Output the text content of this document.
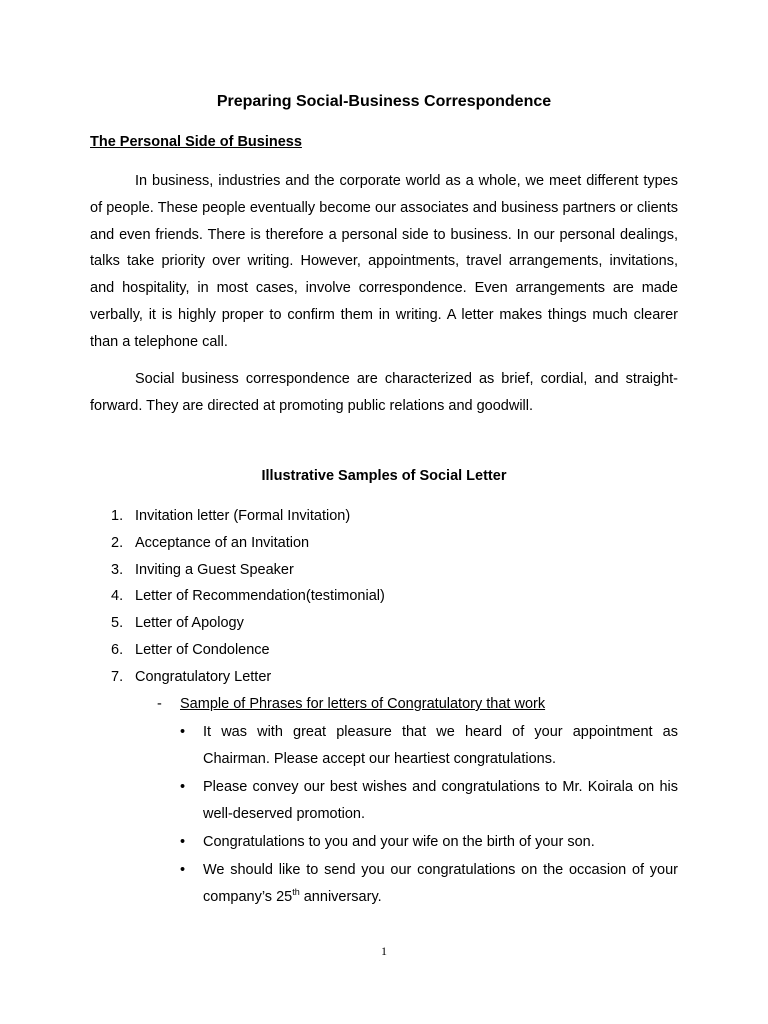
Preparing Social-Business Correspondence
The Personal Side of Business

In business, industries and the corporate world as a whole, we meet different types of people. These people eventually become our associates and business partners or clients and even friends. There is therefore a personal side to business. In our personal dealings, talks take priority over writing. However, appointments, travel arrangements, invitations, and hospitality, in most cases, involve correspondence. Even arrangements are made verbally, it is highly proper to confirm them in writing. A letter makes things much clearer than a telephone call.

Social business correspondence are characterized as brief, cordial, and straight-forward. They are directed at promoting public relations and goodwill.

Illustrative Samples of Social Letter
1. Invitation letter (Formal Invitation)
2. Acceptance of an Invitation
3. Inviting a Guest Speaker
4. Letter of Recommendation(testimonial)
5. Letter of Apology
6. Letter of Condolence
7. Congratulatory Letter
- Sample of Phrases for letters of Congratulatory that work
• It was with great pleasure that we heard of your appointment as Chairman. Please accept our heartiest congratulations.
• Please convey our best wishes and congratulations to Mr. Koirala on his well-deserved promotion.
• Congratulations to you and your wife on the birth of your son.
• We should like to send you our congratulations on the occasion of your company’s 25th anniversary.
1
